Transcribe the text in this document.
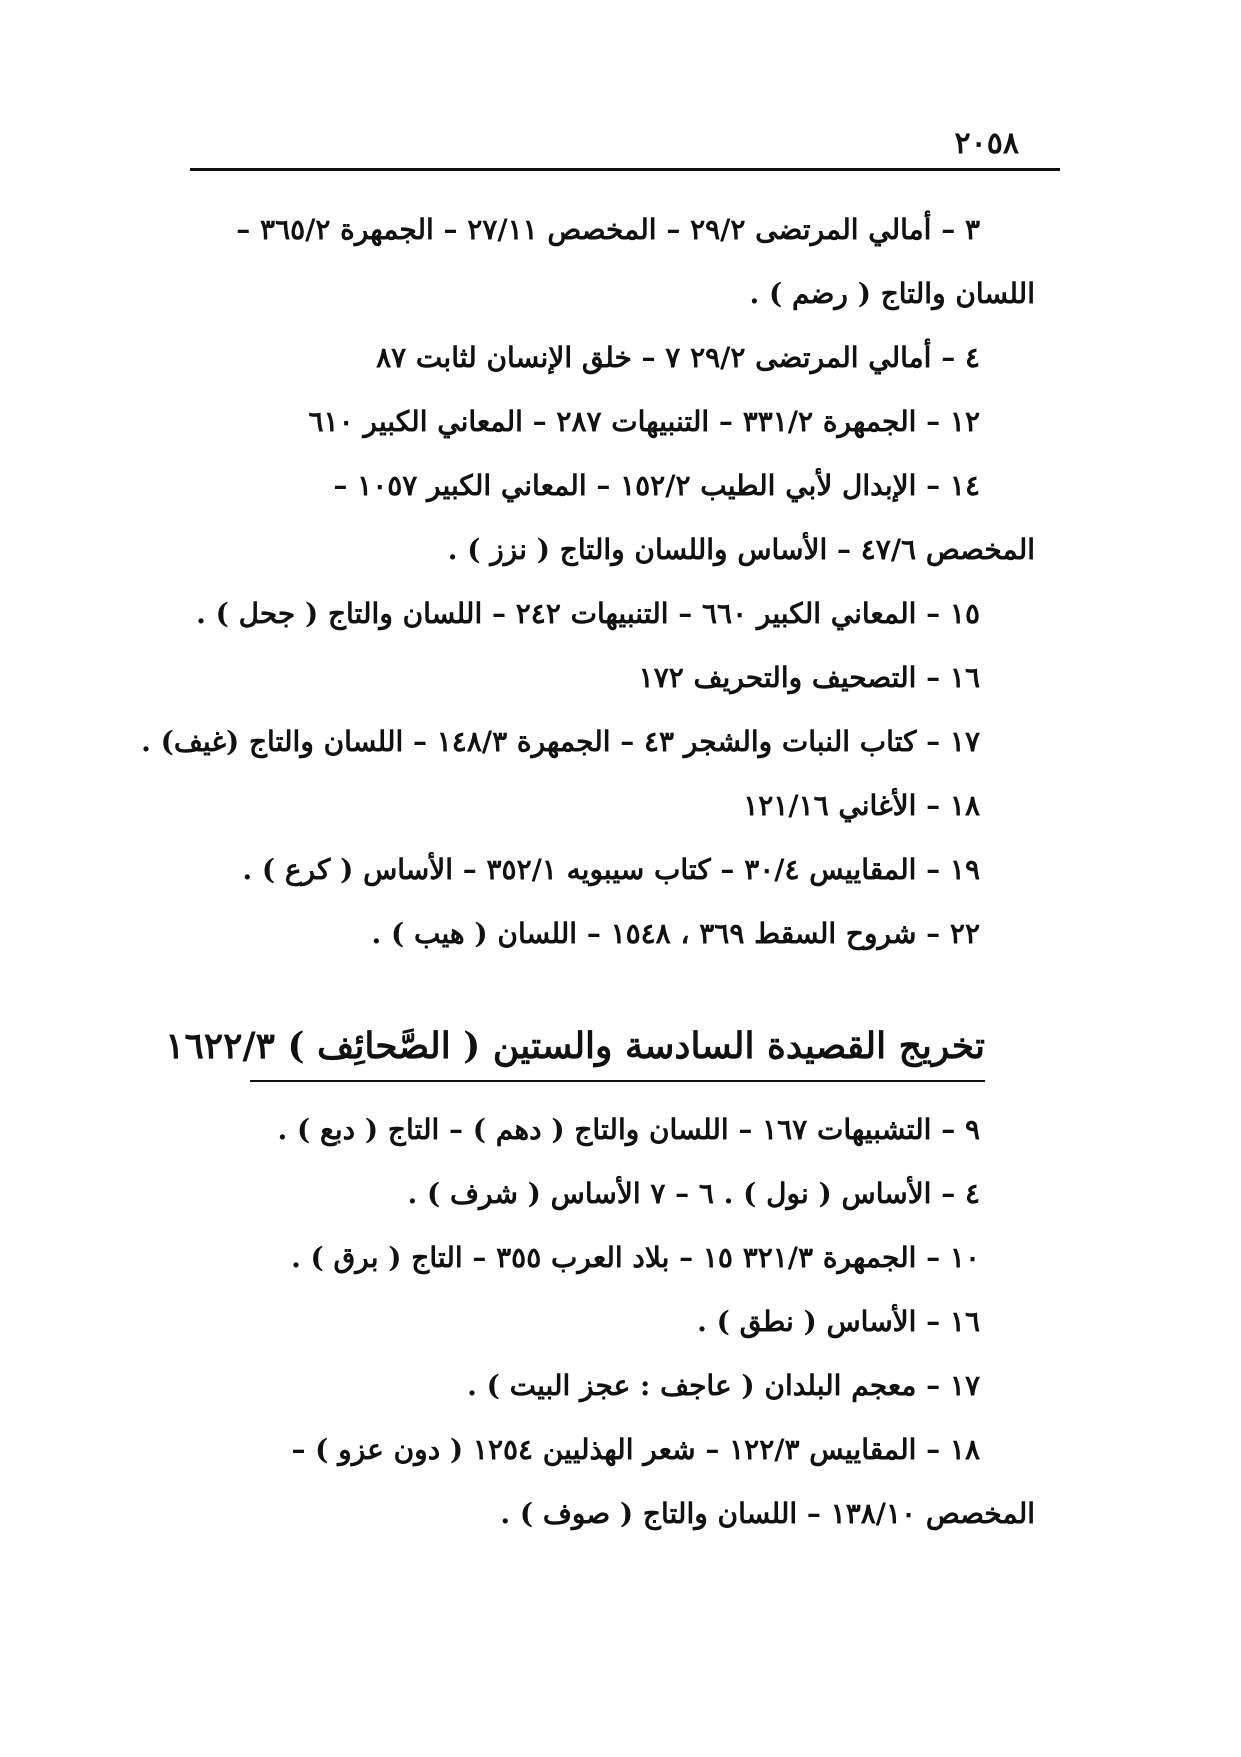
٢٠٥٨
٣ – أمالي المرتضى ٢٩/٢ – المخصص ٢٧/١١ – الجمهرة ٣٦٥/٢ –
اللسان والتاج ( رضم ) .
٤ – أمالي المرتضى ٢٩/٢ ٧ – خلق الإنسان لثابت ٨٧
١٢ – الجمهرة ٣٣١/٢ – التنبيهات ٢٨٧ – المعاني الكبير ٦١٠
١٤ – الإبدال لأبي الطيب ١٥٢/٢ – المعاني الكبير ١٠٥٧ –
المخصص ٤٧/٦ – الأساس واللسان والتاج ( نزز ) .
١٥ – المعاني الكبير ٦٦٠ – التنبيهات ٢٤٢ – اللسان والتاج ( جحل ) .
١٦ – التصحيف والتحريف ١٧٢
١٧ – كتاب النبات والشجر ٤٣ – الجمهرة ١٤٨/٣ – اللسان والتاج (غيف) .
١٨ – الأغاني ١٢١/١٦
١٩ – المقاييس ٣٠/٤ – كتاب سيبويه ٣٥٢/١ – الأساس ( كرع ) .
٢٢ – شروح السقط ٣٦٩ ، ١٥٤٨ – اللسان ( هيب ) .
تخريج القصيدة السادسة والستين ( الصَّحائِف ) ١٦٢٢/٣
٩ – التشبيهات ١٦٧ – اللسان والتاج ( دهم ) – التاج ( دبع ) .
٤ – الأساس ( نول ) . ٦ – ٧ الأساس ( شرف ) .
١٠ – الجمهرة ٣٢١/٣ ١٥ – بلاد العرب ٣٥٥ – التاج ( برق ) .
١٦ – الأساس ( نطق ) .
١٧ – معجم البلدان ( عاجف : عجز البيت ) .
١٨ – المقاييس ١٢٢/٣ – شعر الهذليين ١٢٥٤ ( دون عزو ) –
المخصص ١٣٨/١٠ – اللسان والتاج ( صوف ) .
